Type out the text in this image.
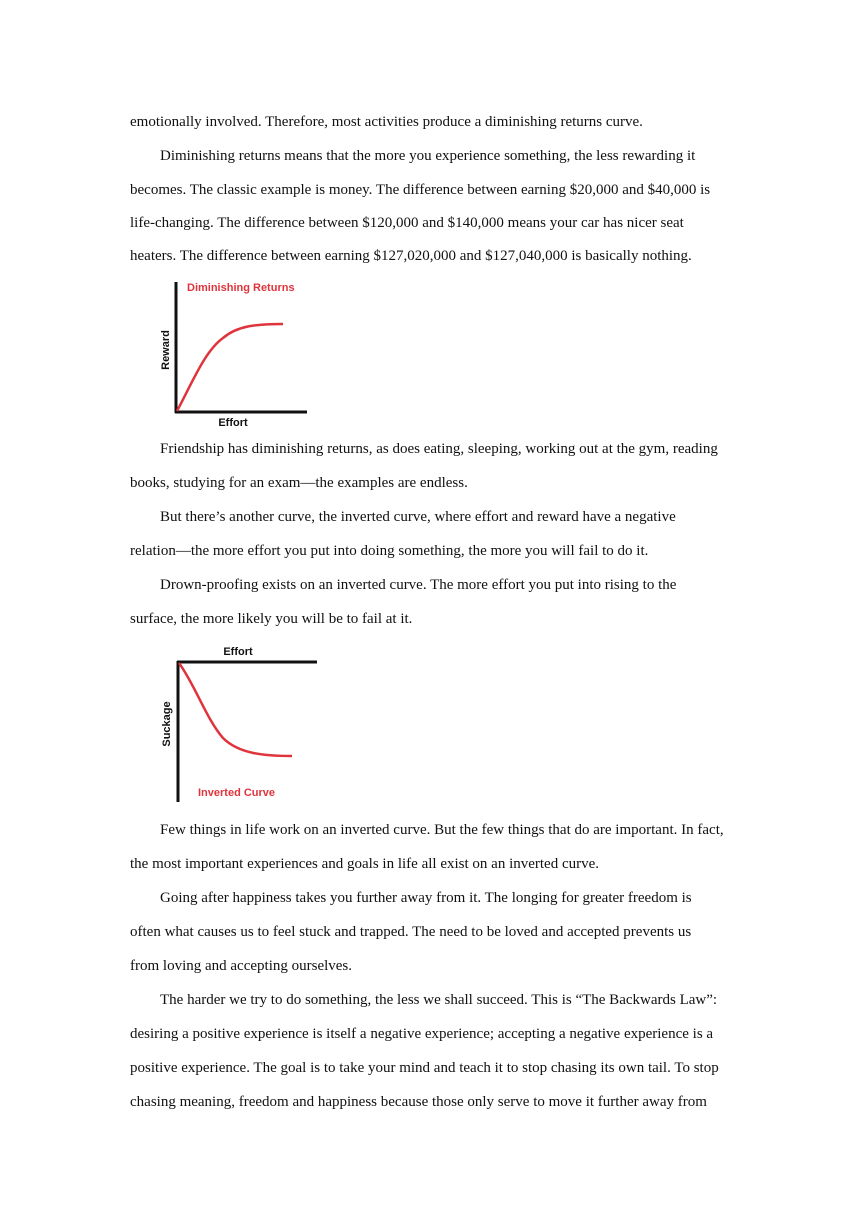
emotionally involved. Therefore, most activities produce a diminishing returns curve.
Diminishing returns means that the more you experience something, the less rewarding it
becomes. The classic example is money. The difference between earning $20,000 and $40,000 is
life-changing. The difference between $120,000 and $140,000 means your car has nicer seat
heaters. The difference between earning $127,020,000 and $127,040,000 is basically nothing.
Diminishing Returns
Reward
Effort
Friendship has diminishing returns, as does eating, sleeping, working out at the gym, reading
books, studying for an exam—the examples are endless.
But there’s another curve, the inverted curve, where effort and reward have a negative
relation—the more effort you put into doing something, the more you will fail to do it.
Drown-proofing exists on an inverted curve. The more effort you put into rising to the
surface, the more likely you will be to fail at it.
Effort
Suckage
Inverted Curve
Few things in life work on an inverted curve. But the few things that do are important. In fact,
the most important experiences and goals in life all exist on an inverted curve.
Going after happiness takes you further away from it. The longing for greater freedom is
often what causes us to feel stuck and trapped. The need to be loved and accepted prevents us
from loving and accepting ourselves.
The harder we try to do something, the less we shall succeed. This is “The Backwards Law”:
desiring a positive experience is itself a negative experience; accepting a negative experience is a
positive experience. The goal is to take your mind and teach it to stop chasing its own tail. To stop
chasing meaning, freedom and happiness because those only serve to move it further away from
